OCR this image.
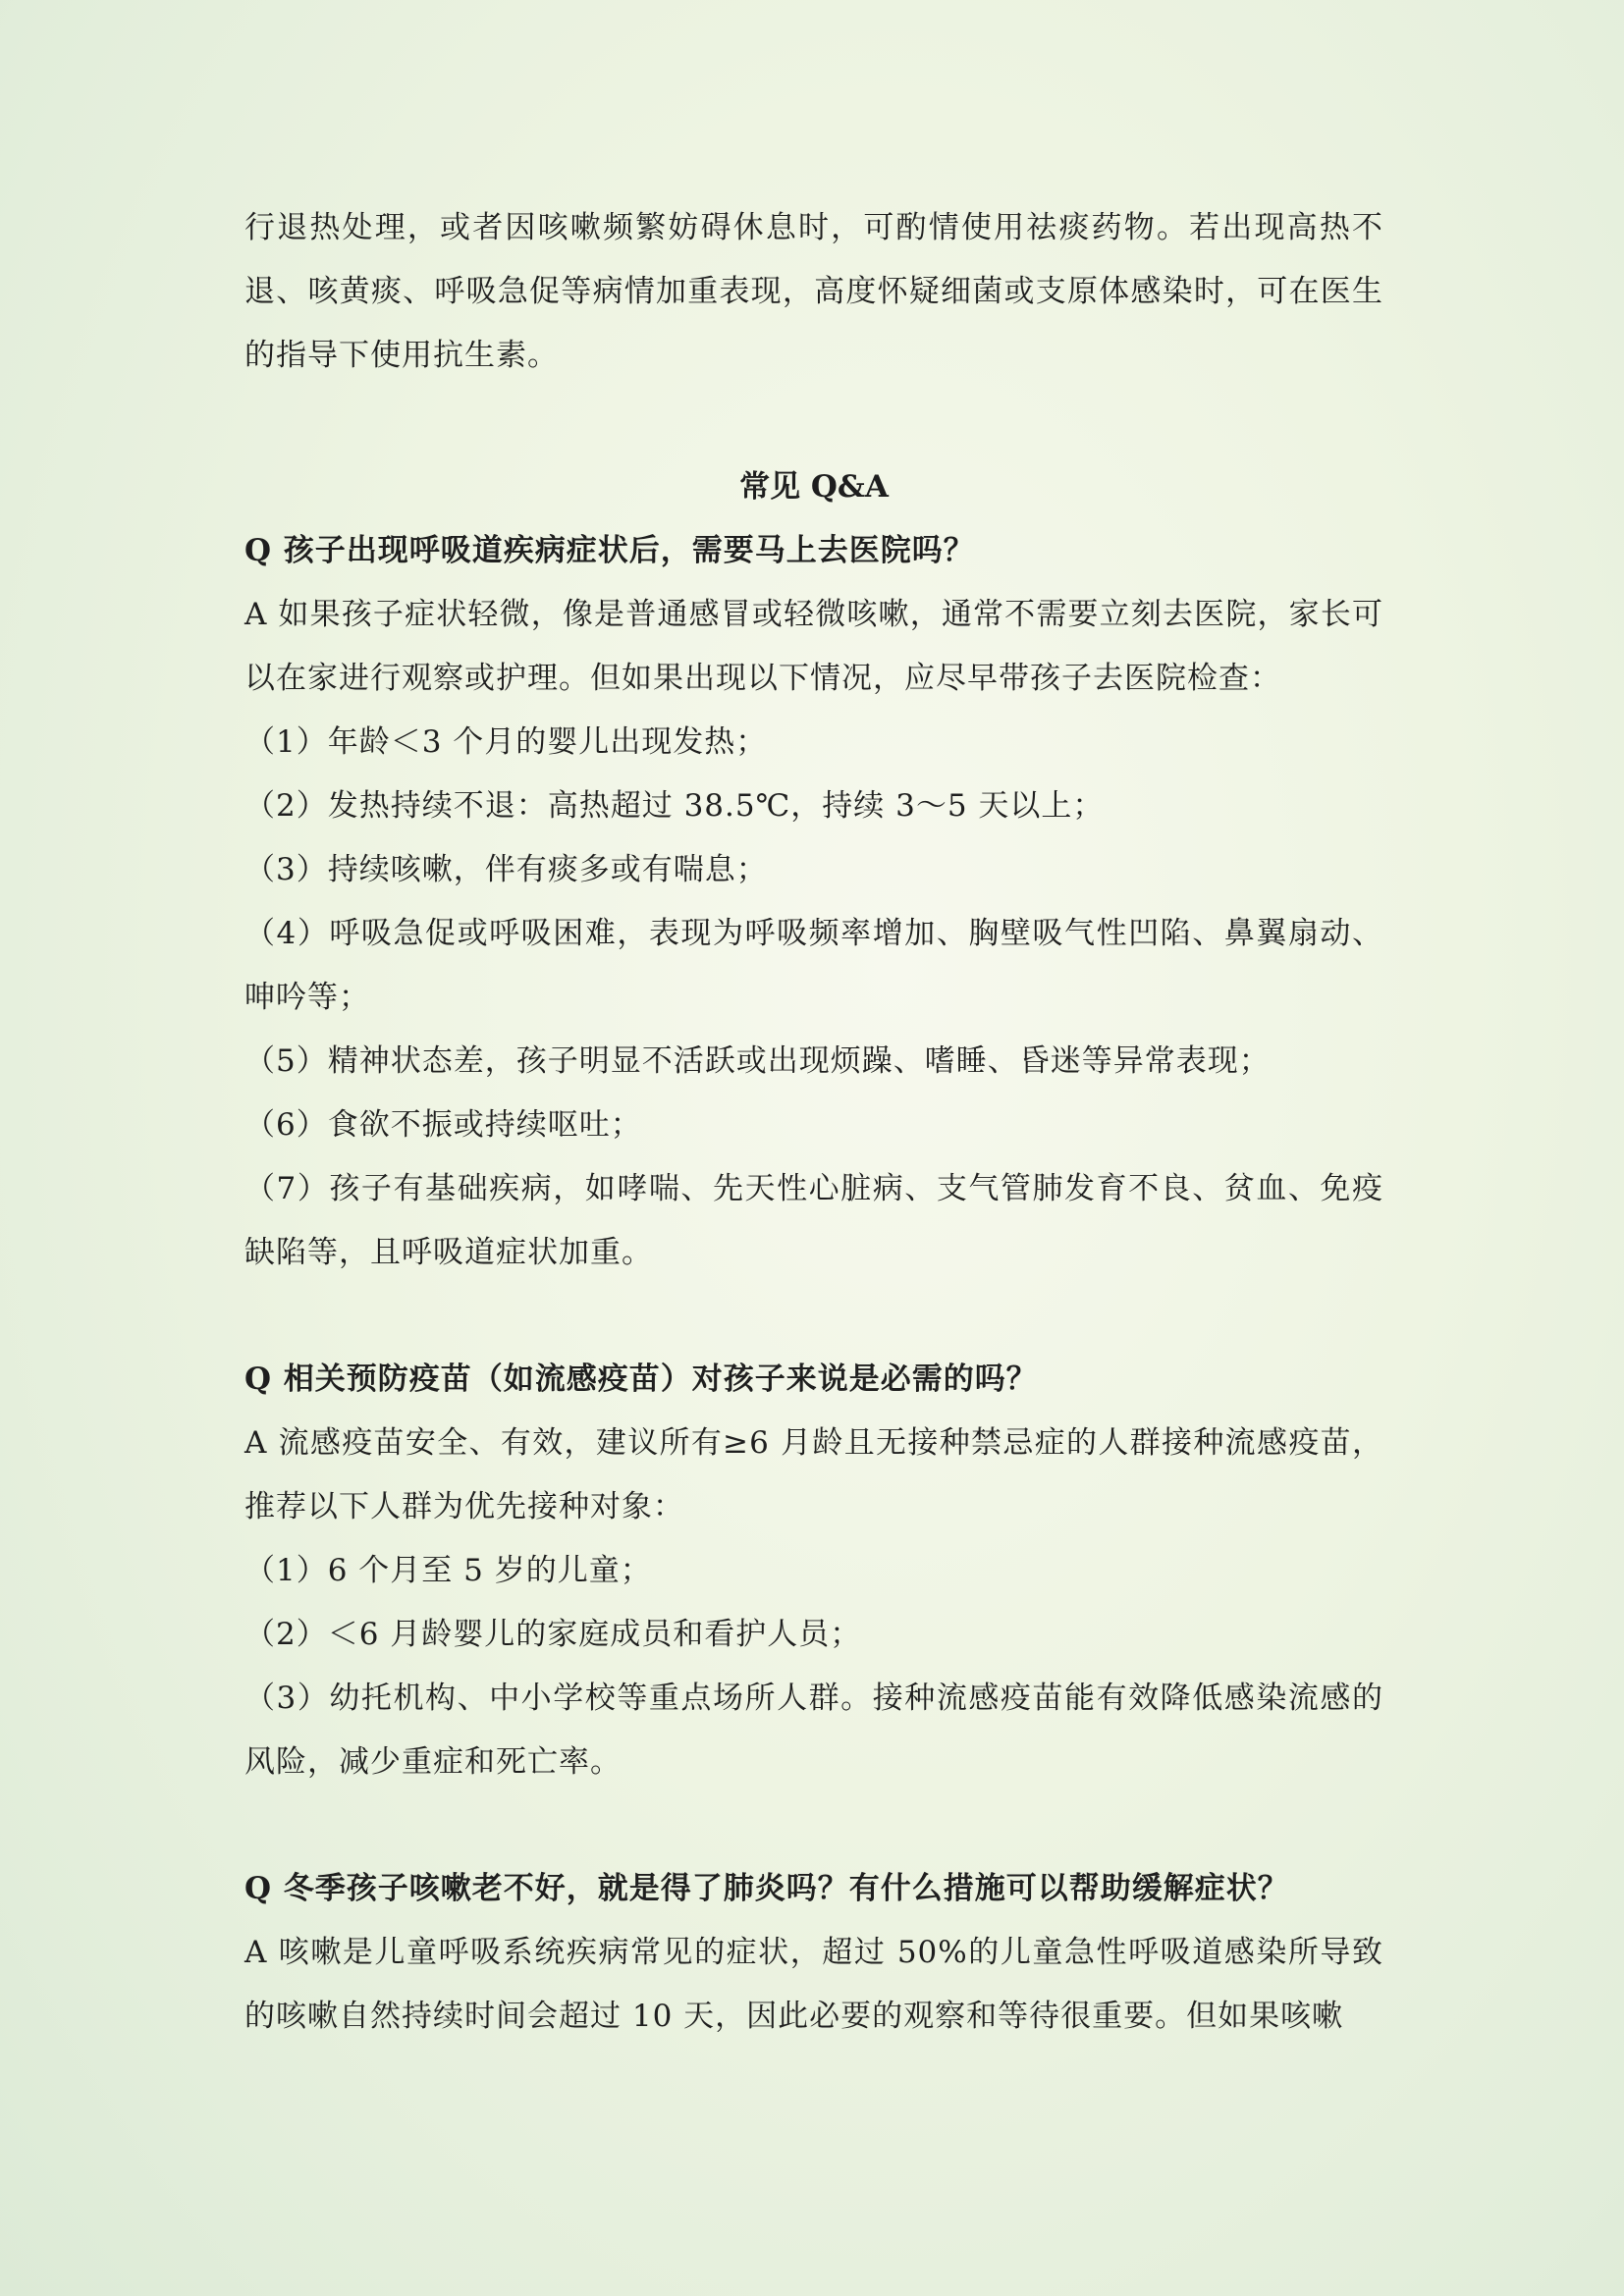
行退热处理，或者因咳嗽频繁妨碍休息时，可酌情使用祛痰药物。若出现高热不退、咳黄痰、呼吸急促等病情加重表现，高度怀疑细菌或支原体感染时，可在医生的指导下使用抗生素。

常见 Q&A

Q 孩子出现呼吸道疾病症状后，需要马上去医院吗？

A 如果孩子症状轻微，像是普通感冒或轻微咳嗽，通常不需要立刻去医院，家长可以在家进行观察或护理。但如果出现以下情况，应尽早带孩子去医院检查：

（1）年龄＜3 个月的婴儿出现发热；

（2）发热持续不退：高热超过 38.5℃，持续 3～5 天以上；

（3）持续咳嗽，伴有痰多或有喘息；

（4）呼吸急促或呼吸困难，表现为呼吸频率增加、胸壁吸气性凹陷、鼻翼扇动、呻吟等；

（5）精神状态差，孩子明显不活跃或出现烦躁、嗜睡、昏迷等异常表现；

（6）食欲不振或持续呕吐；

（7）孩子有基础疾病，如哮喘、先天性心脏病、支气管肺发育不良、贫血、免疫缺陷等，且呼吸道症状加重。

Q 相关预防疫苗（如流感疫苗）对孩子来说是必需的吗？

A 流感疫苗安全、有效，建议所有≥6 月龄且无接种禁忌症的人群接种流感疫苗，推荐以下人群为优先接种对象：

（1）6 个月至 5 岁的儿童；

（2）＜6 月龄婴儿的家庭成员和看护人员；

（3）幼托机构、中小学校等重点场所人群。接种流感疫苗能有效降低感染流感的风险，减少重症和死亡率。

Q 冬季孩子咳嗽老不好，就是得了肺炎吗？有什么措施可以帮助缓解症状？

A 咳嗽是儿童呼吸系统疾病常见的症状，超过 50%的儿童急性呼吸道感染所导致的咳嗽自然持续时间会超过 10 天，因此必要的观察和等待很重要。但如果咳嗽
